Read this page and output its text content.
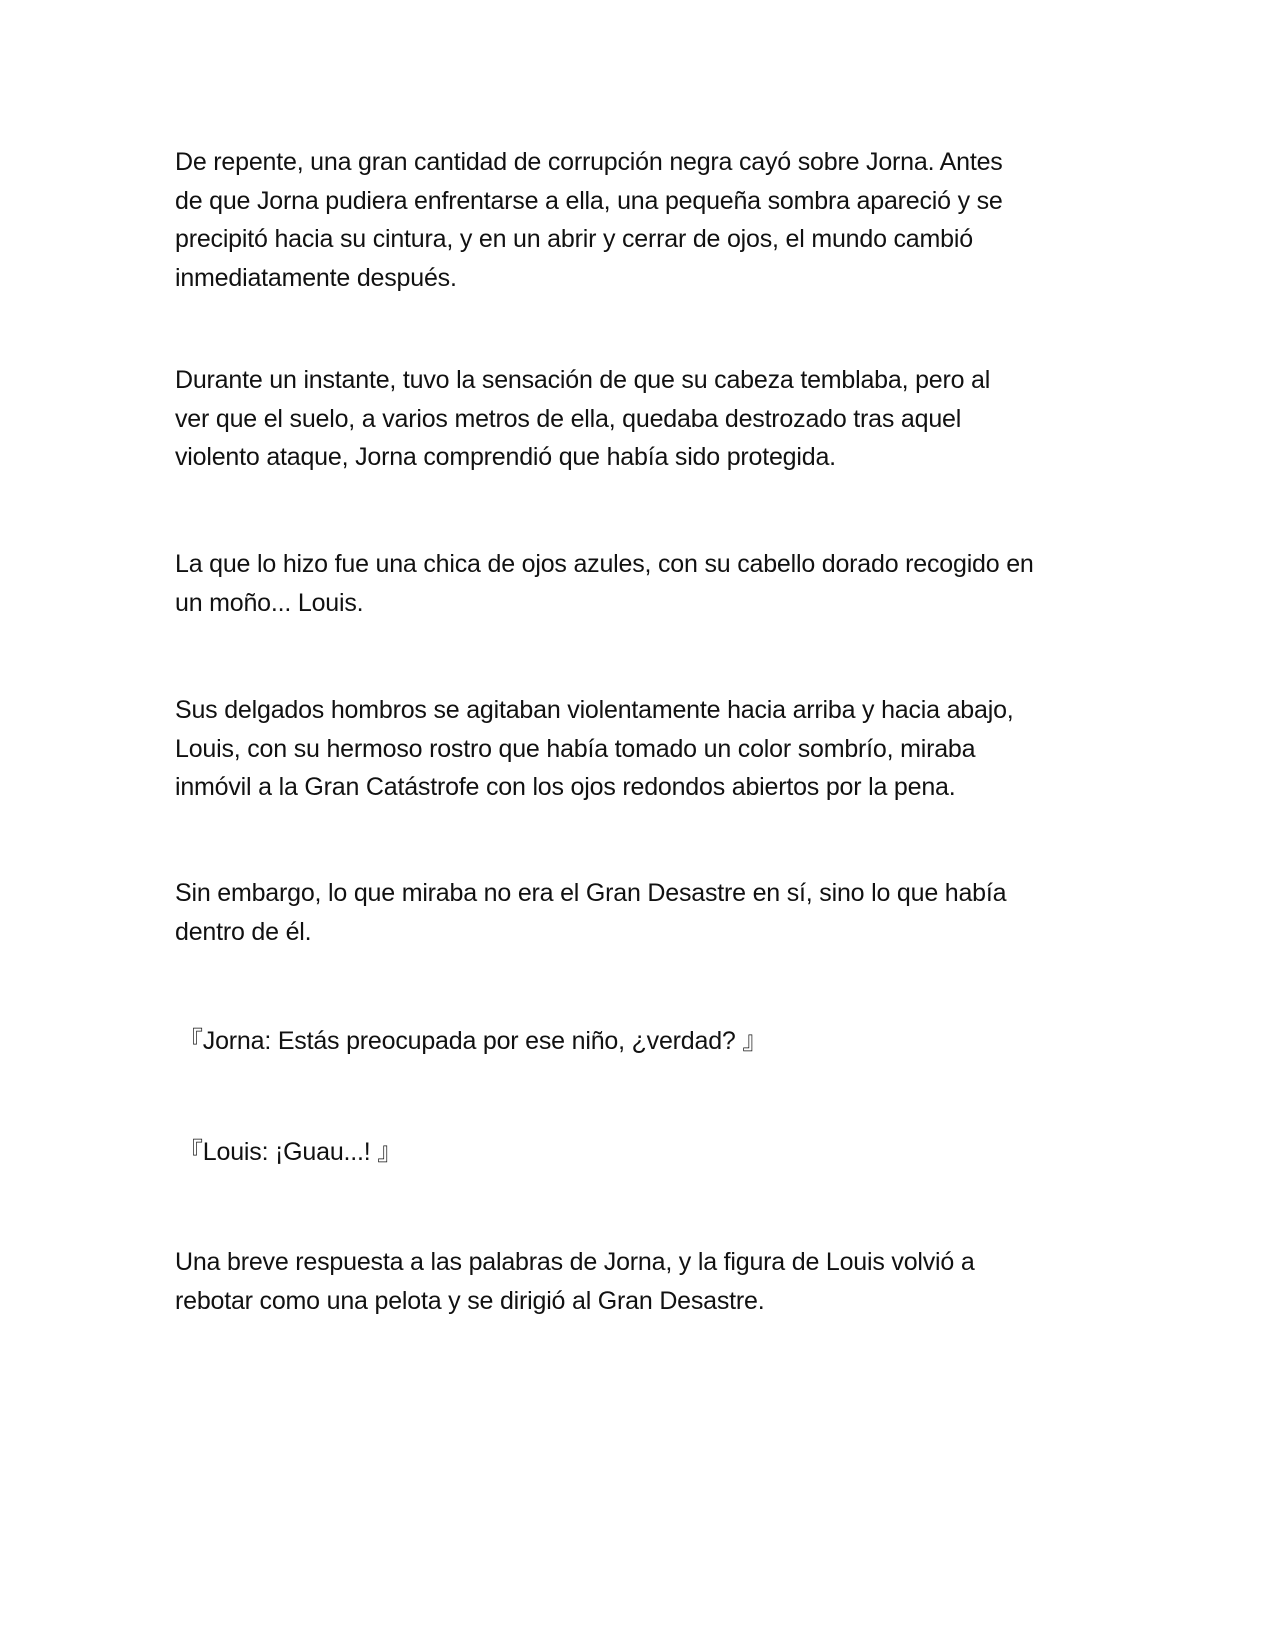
De repente, una gran cantidad de corrupción negra cayó sobre Jorna. Antes
de que Jorna pudiera enfrentarse a ella, una pequeña sombra apareció y se
precipitó hacia su cintura, y en un abrir y cerrar de ojos, el mundo cambió
inmediatamente después.

Durante un instante, tuvo la sensación de que su cabeza temblaba, pero al
ver que el suelo, a varios metros de ella, quedaba destrozado tras aquel
violento ataque, Jorna comprendió que había sido protegida.

La que lo hizo fue una chica de ojos azules, con su cabello dorado recogido en
un moño... Louis.

Sus delgados hombros se agitaban violentamente hacia arriba y hacia abajo,
Louis, con su hermoso rostro que había tomado un color sombrío, miraba
inmóvil a la Gran Catástrofe con los ojos redondos abiertos por la pena.

Sin embargo, lo que miraba no era el Gran Desastre en sí, sino lo que había
dentro de él.

『Jorna: Estás preocupada por ese niño, ¿verdad? 』

『Louis: ¡Guau...! 』

Una breve respuesta a las palabras de Jorna, y la figura de Louis volvió a
rebotar como una pelota y se dirigió al Gran Desastre.
